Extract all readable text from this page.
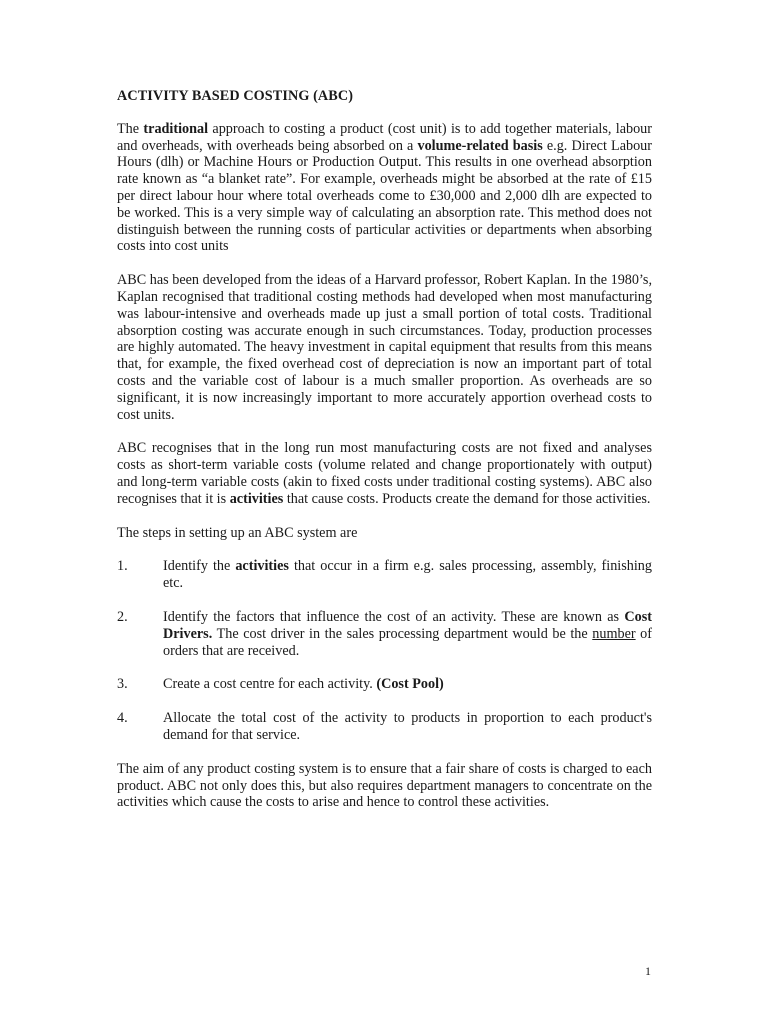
ACTIVITY BASED COSTING (ABC)

The traditional approach to costing a product (cost unit) is to add together materials, labour and overheads, with overheads being absorbed on a volume-related basis e.g. Direct Labour Hours (dlh) or Machine Hours or Production Output. This results in one overhead absorption rate known as “a blanket rate”. For example, overheads might be absorbed at the rate of £15 per direct labour hour where total overheads come to £30,000 and 2,000 dlh are expected to be worked. This is a very simple way of calculating an absorption rate. This method does not distinguish between the running costs of particular activities or departments when absorbing costs into cost units

ABC has been developed from the ideas of a Harvard professor, Robert Kaplan. In the 1980’s, Kaplan recognised that traditional costing methods had developed when most manufacturing was labour-intensive and overheads made up just a small portion of total costs. Traditional absorption costing was accurate enough in such circumstances. Today, production processes are highly automated. The heavy investment in capital equipment that results from this means that, for example, the fixed overhead cost of depreciation is now an important part of total costs and the variable cost of labour is a much smaller proportion. As overheads are so significant, it is now increasingly important to more accurately apportion overhead costs to cost units.

ABC recognises that in the long run most manufacturing costs are not fixed and analyses costs as short-term variable costs (volume related and change proportionately with output) and long-term variable costs (akin to fixed costs under traditional costing systems). ABC also recognises that it is activities that cause costs. Products create the demand for those activities.

The steps in setting up an ABC system are

1. Identify the activities that occur in a firm e.g. sales processing, assembly, finishing etc.
2. Identify the factors that influence the cost of an activity. These are known as Cost Drivers. The cost driver in the sales processing department would be the number of orders that are received.
3. Create a cost centre for each activity. (Cost Pool)
4. Allocate the total cost of the activity to products in proportion to each product's demand for that service.

The aim of any product costing system is to ensure that a fair share of costs is charged to each product. ABC not only does this, but also requires department managers to concentrate on the activities which cause the costs to arise and hence to control these activities.

1
